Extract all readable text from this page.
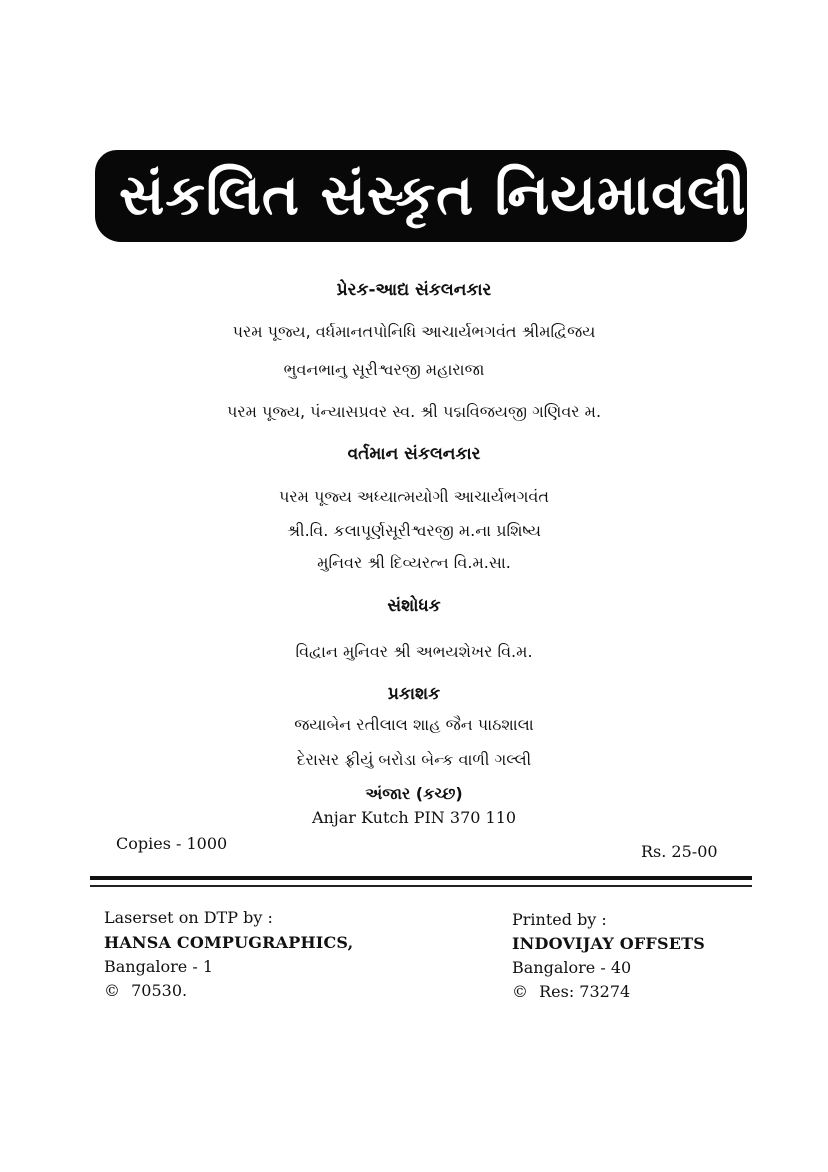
સંકલિત સંસ્કૃત નિયમાવલી
પ્રેરક-આદ્ય સંકલનકાર
પરમ પૂજ્ય, વર્ધમાનતપોનિધિ આચાર્યભગવંત શ્રીમદ્વિજય
ભુવનભાનુ સૂરીશ્વરજી મહારાજા
પરમ પૂજ્ય, પંન્યાસપ્રવર સ્વ. શ્રી પદ્મવિજયજી ગણિવર મ.
વર્તમાન સંકલનકાર
પરમ પૂજ્ય અધ્યાત્મયોગી આચાર્યભગવંત
શ્રી.વિ. કલાપૂર્ણસૂરીશ્વરજી મ.ના પ્રશિષ્ય
મુનિવર શ્રી દિવ્યરત્ન વિ.મ.સા.
સંશોધક
વિદ્વાન મુનિવર શ્રી અભયશેખર વિ.મ.
પ્રકાશક
જયાબેન રતીલાલ શાહ જૈન પાઠશાલા
દેરાસર ફ્રીયું બરોડા બેન્ક વાળી ગલ્લી
અંજાર (કચ્છ)
Anjar Kutch PIN 370 110
Copies - 1000	Rs. 25-00
Laserset on DTP by :
HANSA COMPUGRAPHICS,
Bangalore - 1
© 70530.
Printed by :
INDOVIJAY OFFSETS
Bangalore - 40
© Res: 73274
